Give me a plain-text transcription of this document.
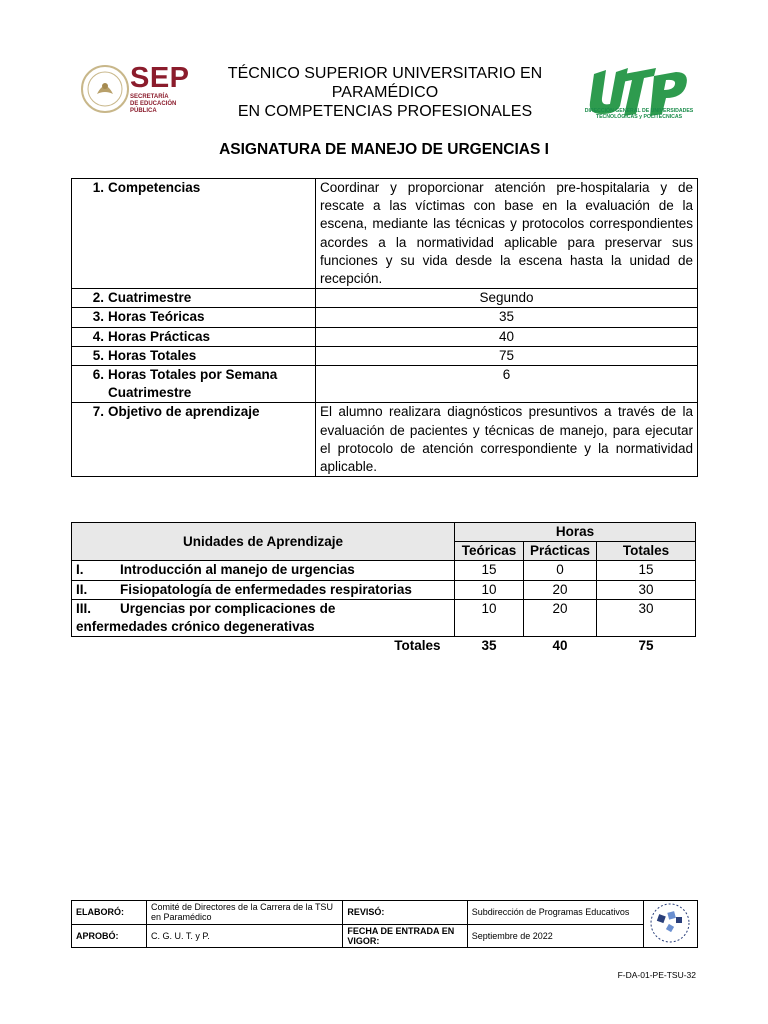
SEP
SECRETARÍA
DE EDUCACIÓN
PÚBLICA
TÉCNICO SUPERIOR UNIVERSITARIO EN
PARAMÉDICO
EN COMPETENCIAS PROFESIONALES	y
DIRECCIÓN GENERAL DE UNIVERSIDADES
TECNOLÓGICAS y POLITÉCNICAS
ASIGNATURA DE MANEJO DE URGENCIAS I
1. Competencias	Coordinar y proporcionar atención pre-hospitalaria y de rescate a las víctimas con base en la evaluación de la escena, mediante las técnicas y protocolos correspondientes acordes a la normatividad aplicable para preservar sus funciones y su vida desde la escena hasta la unidad de recepción.
2. Cuatrimestre	Segundo
3. Horas Teóricas	35
4. Horas Prácticas	40
5. Horas Totales	75
6. Horas Totales por Semana
Cuatrimestre	6
7. Objetivo de aprendizaje	El alumno realizara diagnósticos presuntivos a través de la evaluación de pacientes y técnicas de manejo, para ejecutar el protocolo de atención correspondiente y la normatividad aplicable.
Unidades de Aprendizaje	Horas		
	Teóricas	Prácticas	Totales
I. Introducción al manejo de urgencias	15	0	15
II. Fisiopatología de enfermedades respiratorias	10	20	30
III. Urgencias por complicaciones de
enfermedades crónico degenerativas	10	20	30
Totales	35	40	75
ELABORÓ:	Comité de Directores de la Carrera de la TSU en Paramédico	REVISÓ:	Subdirección de Programas Educativos	
APROBÓ:	C. G. U. T. y P.	FECHA DE ENTRADA EN VIGOR:	Septiembre de 2022	
F-DA-01-PE-TSU-32
